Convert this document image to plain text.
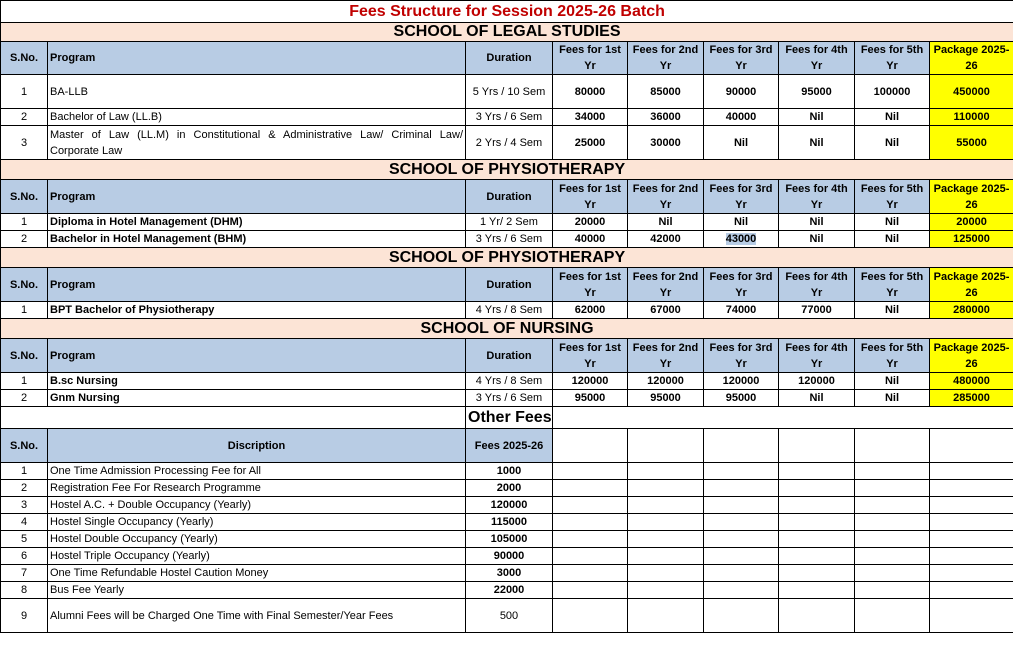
Fees Structure for Session 2025-26 Batch								
SCHOOL OF LEGAL STUDIES								
S.No.	Program	Duration	Fees for 1st Yr	Fees for 2nd Yr	Fees for 3rd Yr	Fees for 4th Yr	Fees for 5th Yr	Package 2025-26
1	BA-LLB	5 Yrs / 10 Sem	80000	85000	90000	95000	100000	450000
2	Bachelor of Law (LL.B)	3 Yrs / 6 Sem	34000	36000	40000	Nil	Nil	110000
3	Master of Law (LL.M) in Constitutional & Administrative Law/ Criminal Law/ Corporate Law	2 Yrs / 4 Sem	25000	30000	Nil	Nil	Nil	55000
SCHOOL OF PHYSIOTHERAPY								
S.No.	Program	Duration	Fees for 1st Yr	Fees for 2nd Yr	Fees for 3rd Yr	Fees for 4th Yr	Fees for 5th Yr	Package 2025-26
1	Diploma in Hotel Management (DHM)	1 Yr/ 2 Sem	20000	Nil	Nil	Nil	Nil	20000
2	Bachelor in Hotel Management (BHM)	3 Yrs / 6 Sem	40000	42000	43000	Nil	Nil	125000
SCHOOL OF PHYSIOTHERAPY								
S.No.	Program	Duration	Fees for 1st Yr	Fees for 2nd Yr	Fees for 3rd Yr	Fees for 4th Yr	Fees for 5th Yr	Package 2025-26
1	BPT Bachelor of Physiotherapy	4 Yrs / 8 Sem	62000	67000	74000	77000	Nil	280000
SCHOOL OF NURSING								
S.No.	Program	Duration	Fees for 1st Yr	Fees for 2nd Yr	Fees for 3rd Yr	Fees for 4th Yr	Fees for 5th Yr	Package 2025-26
1	B.sc Nursing	4 Yrs / 8 Sem	120000	120000	120000	120000	Nil	480000
2	Gnm Nursing	3 Yrs / 6 Sem	95000	95000	95000	Nil	Nil	285000
		Other Fees						
S.No.	Discription	Fees 2025-26						
1	One Time Admission Processing Fee for All	1000						
2	Registration Fee For Research Programme	2000						
3	Hostel A.C. + Double Occupancy (Yearly)	120000						
4	Hostel Single Occupancy (Yearly)	115000						
5	Hostel Double Occupancy (Yearly)	105000						
6	Hostel Triple Occupancy (Yearly)	90000						
7	One Time Refundable Hostel Caution Money	3000						
8	Bus Fee Yearly	22000						
9	Alumni Fees will be Charged One Time with Final Semester/Year Fees	500						
